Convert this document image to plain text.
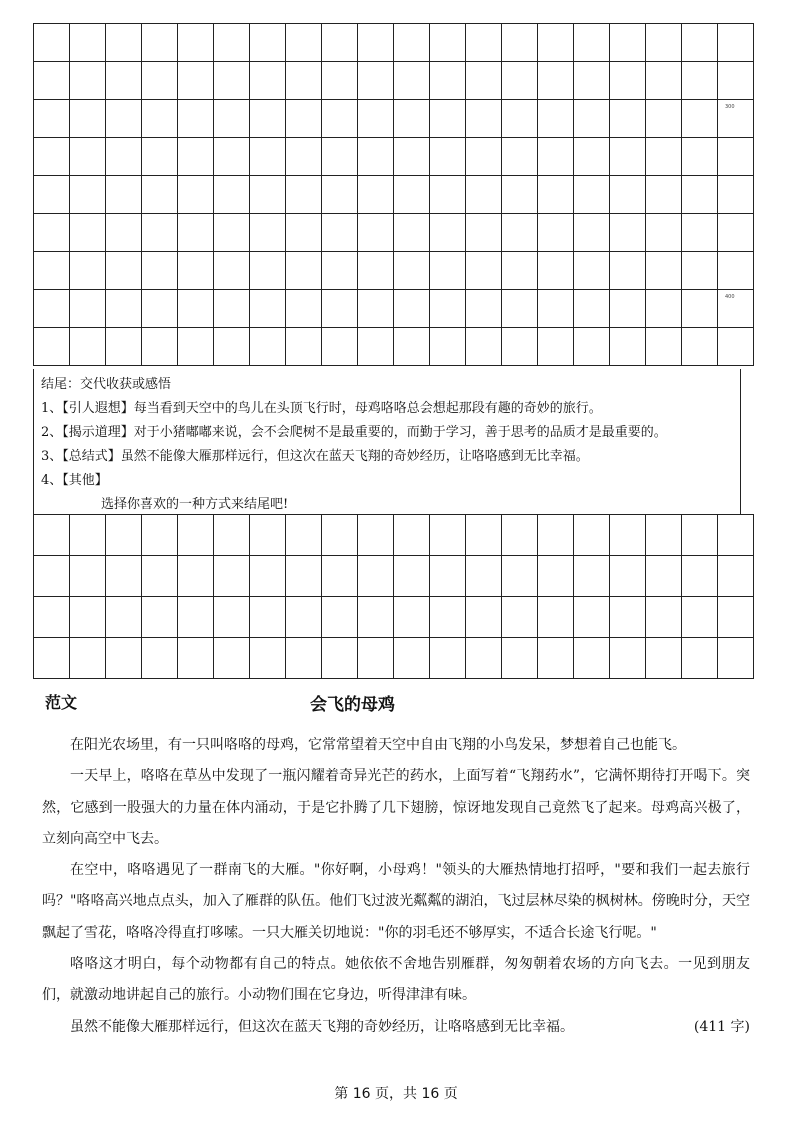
																			300

																			400

结尾：交代收获或感悟
1、【引人遐想】每当看到天空中的鸟儿在头顶飞行时，母鸡咯咯总会想起那段有趣的奇妙的旅行。
2、【揭示道理】对于小猪嘟嘟来说，会不会爬树不是最重要的，而勤于学习，善于思考的品质才是最重要的。
3、【总结式】虽然不能像大雁那样远行，但这次在蓝天飞翔的奇妙经历，让咯咯感到无比幸福。
4、【其他】
选择你喜欢的一种方式来结尾吧!

范文	会飞的母鸡

在阳光农场里，有一只叫咯咯的母鸡，它常常望着天空中自由飞翔的小鸟发呆，梦想着自己也能飞。

一天早上，咯咯在草丛中发现了一瓶闪耀着奇异光芒的药水，上面写着“飞翔药水”，它满怀期待打开喝下。突然，它感到一股强大的力量在体内涌动，于是它扑腾了几下翅膀，惊讶地发现自己竟然飞了起来。母鸡高兴极了，立刻向高空中飞去。

在空中，咯咯遇见了一群南飞的大雁。"你好啊，小母鸡！"领头的大雁热情地打招呼，"要和我们一起去旅行吗？"咯咯高兴地点点头，加入了雁群的队伍。他们飞过波光粼粼的湖泊，飞过层林尽染的枫树林。傍晚时分，天空飘起了雪花，咯咯冷得直打哆嗦。一只大雁关切地说："你的羽毛还不够厚实，不适合长途飞行呢。"

咯咯这才明白，每个动物都有自己的特点。她依依不舍地告别雁群，匆匆朝着农场的方向飞去。一见到朋友们，就激动地讲起自己的旅行。小动物们围在它身边，听得津津有味。

虽然不能像大雁那样远行，但这次在蓝天飞翔的奇妙经历，让咯咯感到无比幸福。	(411 字)

第 16 页，共 16 页
